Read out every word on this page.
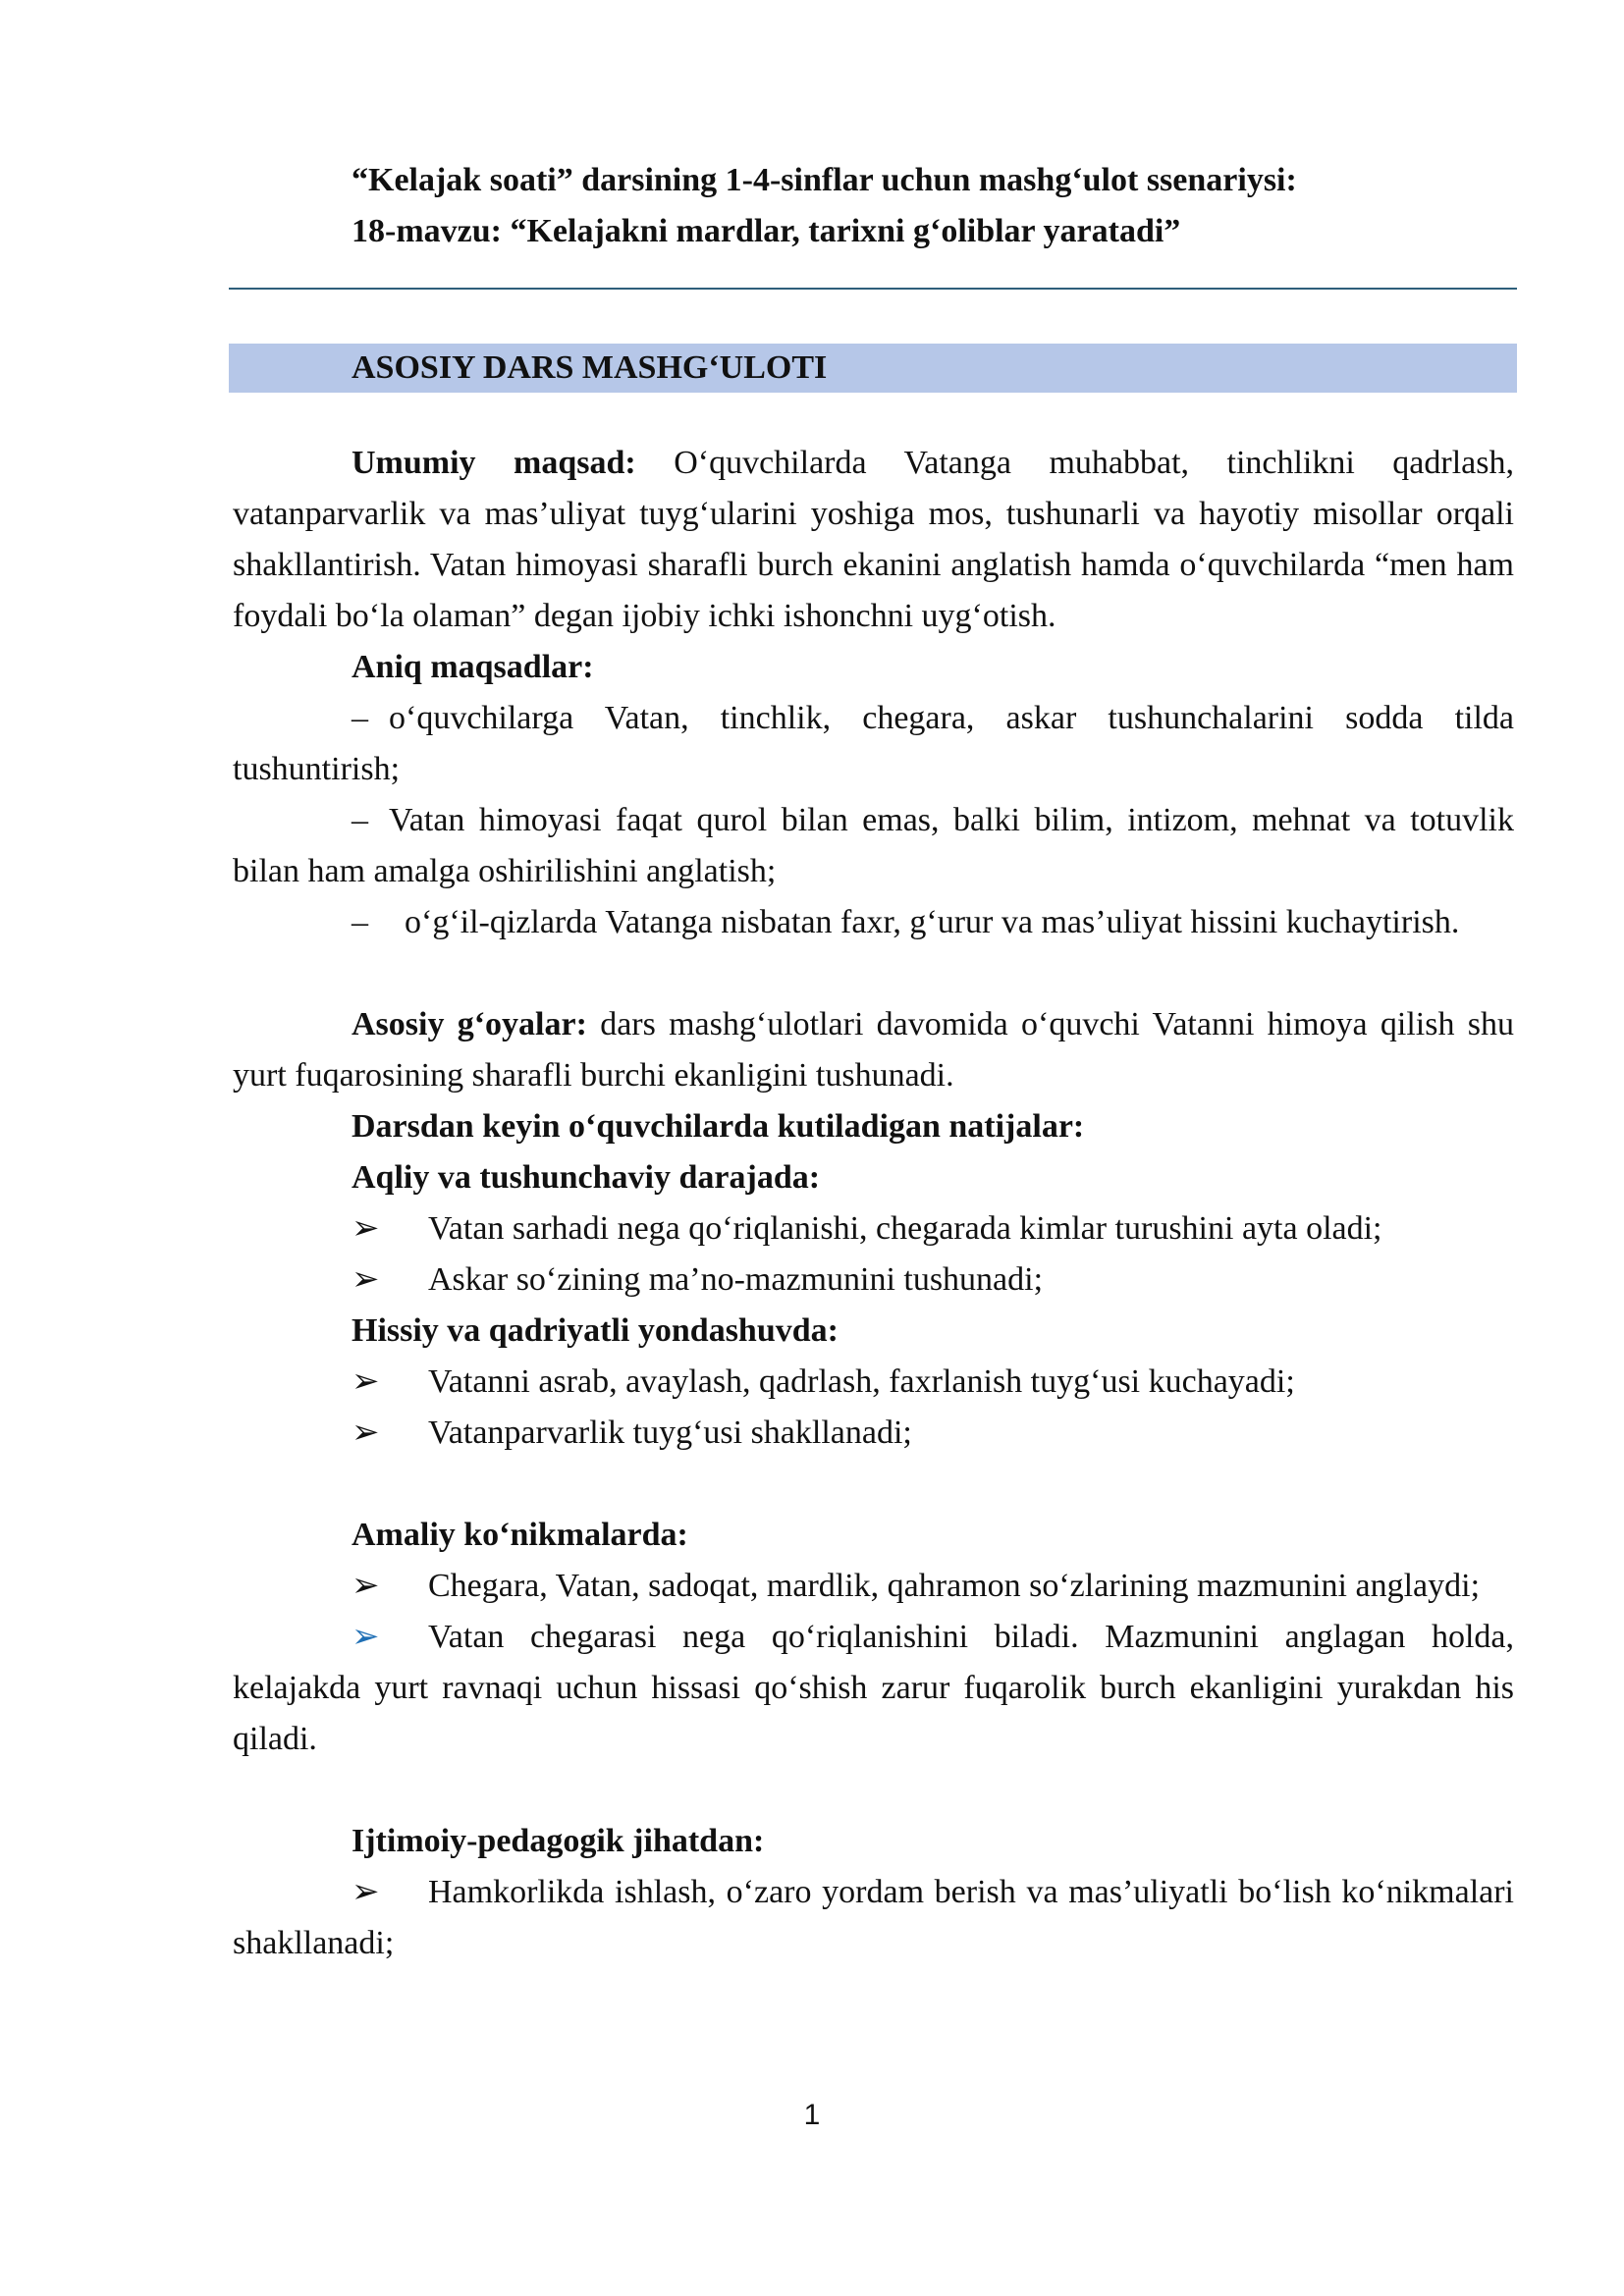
“Kelajak soati” darsining 1-4-sinflar uchun mashg‘ulot ssenariysi:
18-mavzu: “Kelajakni mardlar, tarixni g‘oliblar yaratadi”
ASOSIY DARS MASHG‘ULOTI

Umumiy maqsad: O‘quvchilarda Vatanga muhabbat, tinchlikni qadrlash, vatanparvarlik va mas’uliyat tuyg‘ularini yoshiga mos, tushunarli va hayotiy misollar orqali shakllantirish. Vatan himoyasi sharafli burch ekanini anglatish hamda o‘quvchilarda “men ham foydali bo‘la olaman” degan ijobiy ichki ishonchni uyg‘otish.

Aniq maqsadlar:

– o‘quvchilarga Vatan, tinchlik, chegara, askar tushunchalarini sodda tilda tushuntirish;

– Vatan himoyasi faqat qurol bilan emas, balki bilim, intizom, mehnat va totuvlik bilan ham amalga oshirilishini anglatish;

– o‘g‘il-qizlarda Vatanga nisbatan faxr, g‘urur va mas’uliyat hissini kuchaytirish.

Asosiy g‘oyalar: dars mashg‘ulotlari davomida o‘quvchi Vatanni himoya qilish shu yurt fuqarosining sharafli burchi ekanligini tushunadi.

Darsdan keyin o‘quvchilarda kutiladigan natijalar:

Aqliy va tushunchaviy darajada:

➢	Vatan sarhadi nega qo‘riqlanishi, chegarada kimlar turushini ayta oladi;
➢	Askar so‘zining ma’no-mazmunini tushunadi;

Hissiy va qadriyatli yondashuvda:

➢	Vatanni asrab, avaylash, qadrlash, faxrlanish tuyg‘usi kuchayadi;
➢	Vatanparvarlik tuyg‘usi shakllanadi;

Amaliy ko‘nikmalarda:

➢ Chegara, Vatan, sadoqat, mardlik, qahramon so‘zlarining mazmunini anglaydi;

➢ Vatan chegarasi nega qo‘riqlanishini biladi. Mazmunini anglagan holda, kelajakda yurt ravnaqi uchun hissasi qo‘shish zarur fuqarolik burch ekanligini yurakdan his qiladi.

Ijtimoiy-pedagogik jihatdan:

➢ Hamkorlikda ishlash, o‘zaro yordam berish va mas’uliyatli bo‘lish ko‘nikmalari shakllanadi;

1
